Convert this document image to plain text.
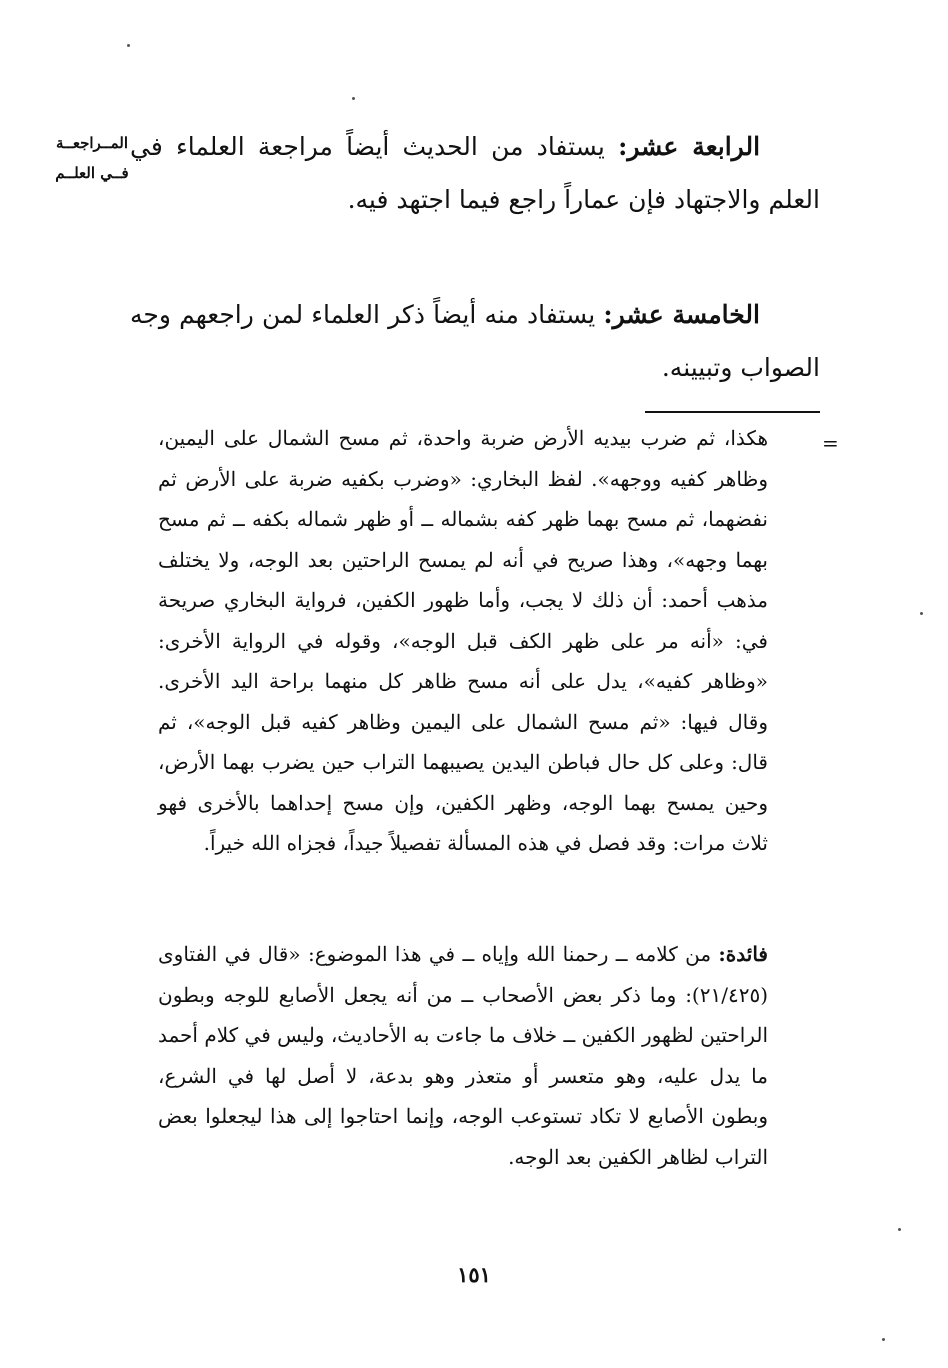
المــراجعــة
فــي العلــم

الرابعة عشر: يستفاد من الحديث أيضاً مراجعة العلماء في العلم والاجتهاد فإن عماراً راجع فيما اجتهد فيه.

الخامسة عشر: يستفاد منه أيضاً ذكر العلماء لمن راجعهم وجه الصواب وتبيينه.

=

هكذا، ثم ضرب بيديه الأرض ضربة واحدة، ثم مسح الشمال على اليمين، وظاهر كفيه ووجهه». لفظ البخاري: «وضرب بكفيه ضربة على الأرض ثم نفضهما، ثم مسح بهما ظهر كفه بشماله ــ أو ظهر شماله بكفه ــ ثم مسح بهما وجهه»، وهذا صريح في أنه لم يمسح الراحتين بعد الوجه، ولا يختلف مذهب أحمد: أن ذلك لا يجب، وأما ظهور الكفين، فرواية البخاري صريحة في: «أنه مر على ظهر الكف قبل الوجه»، وقوله في الرواية الأخرى: «وظاهر كفيه»، يدل على أنه مسح ظاهر كل منهما براحة اليد الأخرى. وقال فيها: «ثم مسح الشمال على اليمين وظاهر كفيه قبل الوجه»، ثم قال: وعلى كل حال فباطن اليدين يصيبهما التراب حين يضرب بهما الأرض، وحين يمسح بهما الوجه، وظهر الكفين، وإن مسح إحداهما بالأخرى فهو ثلاث مرات: وقد فصل في هذه المسألة تفصيلاً جيداً، فجزاه الله خيراً.

فائدة: من كلامه ــ رحمنا الله وإياه ــ في هذا الموضوع: «قال في الفتاوى (٢١/٤٢٥): وما ذكر بعض الأصحاب ــ من أنه يجعل الأصابع للوجه وبطون الراحتين لظهور الكفين ــ خلاف ما جاءت به الأحاديث، وليس في كلام أحمد ما يدل عليه، وهو متعسر أو متعذر وهو بدعة، لا أصل لها في الشرع، وبطون الأصابع لا تكاد تستوعب الوجه، وإنما احتاجوا إلى هذا ليجعلوا بعض التراب لظاهر الكفين بعد الوجه.

١٥١
